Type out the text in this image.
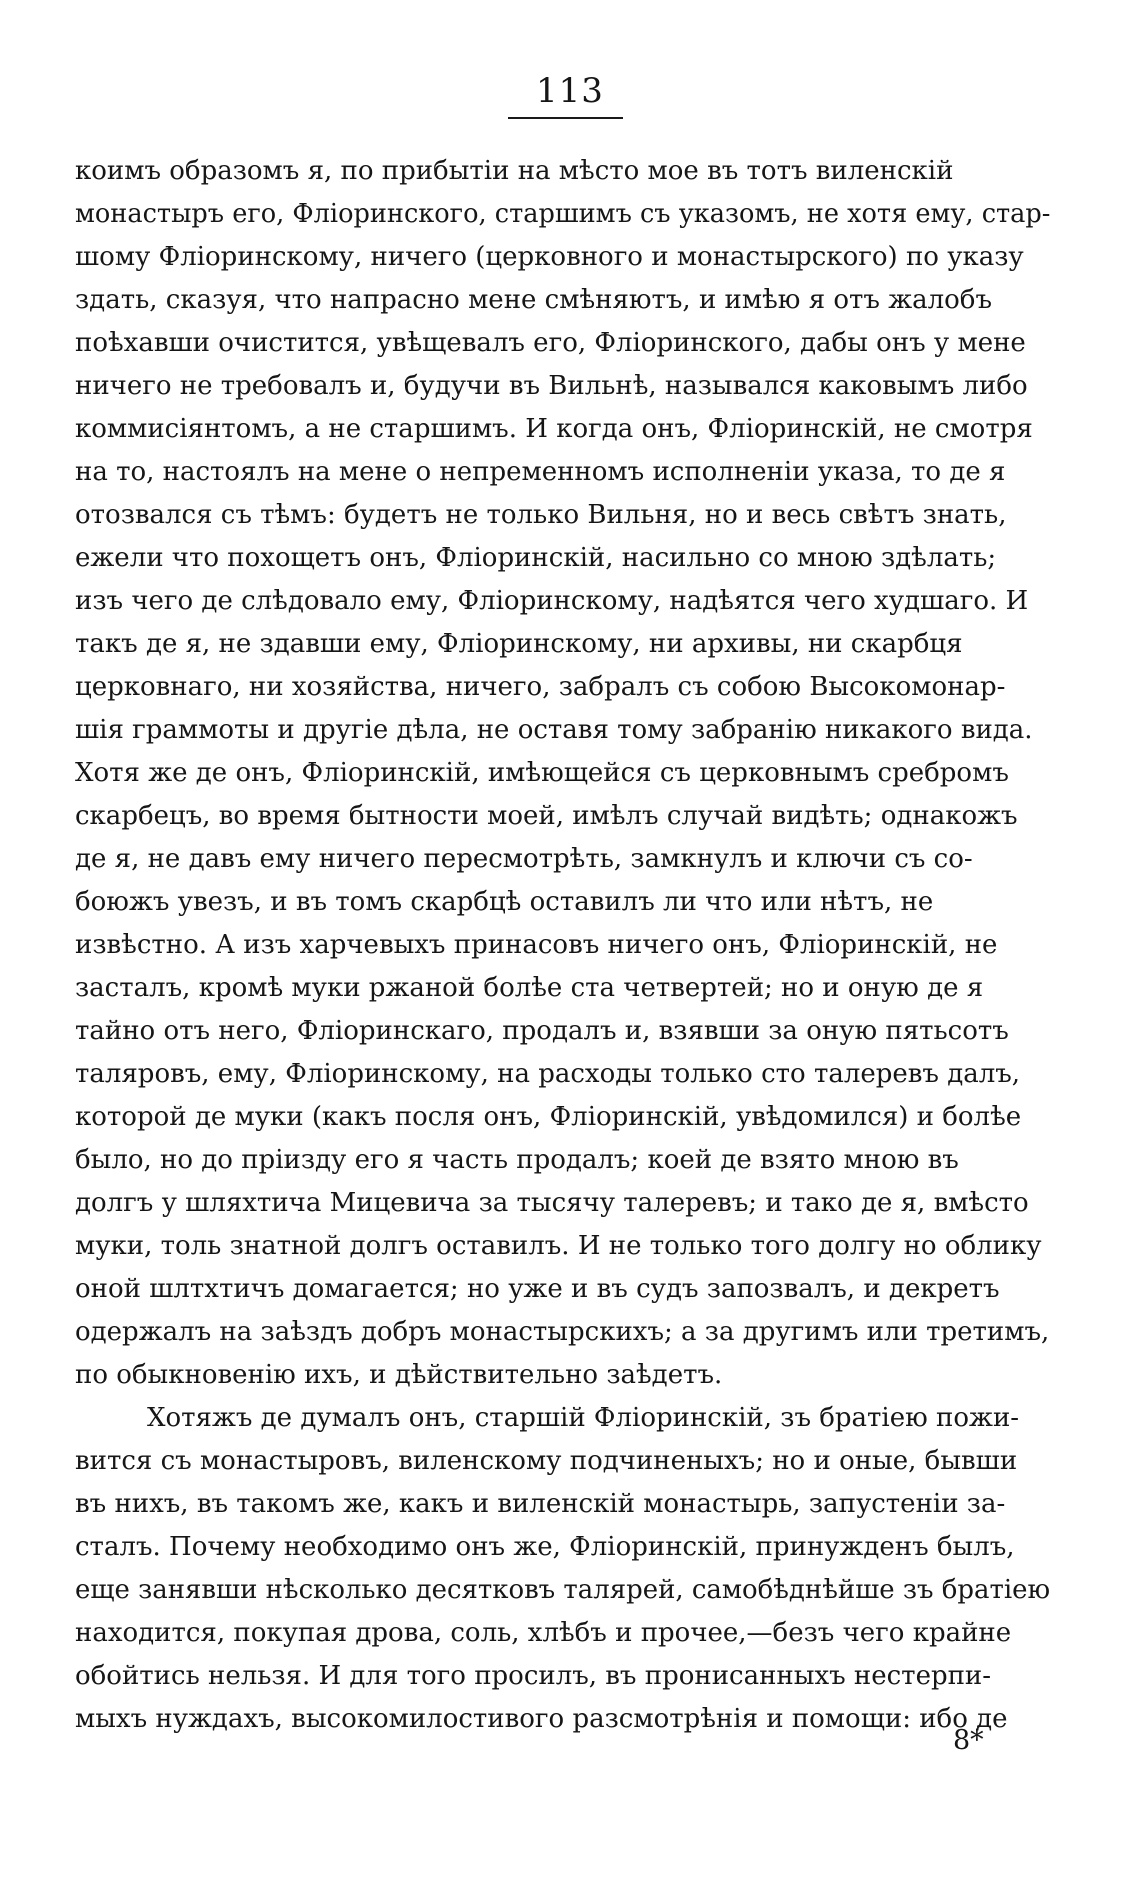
113
коимъ образомъ я, по прибытіи на мѣсто мое въ тотъ виленскій
монастыръ его, Фліоринского, старшимъ съ указомъ, не хотя ему, стар-
шому Фліоринскому, ничего (церковного и монастырского) по указу
здать, сказуя, что напрасно мене смѣняютъ, и имѣю я отъ жалобъ
поѣхавши очистится, увѣщевалъ его, Фліоринского, дабы онъ у мене
ничего не требовалъ и, будучи въ Вильнѣ, назывался каковымъ либо
коммисіянтомъ, а не старшимъ. И когда онъ, Фліоринскій, не смотря
на то, настоялъ на мене о непременномъ исполненіи указа, то де я
отозвался съ тѣмъ: будетъ не только Вильня, но и весь свѣтъ знать,
ежели что похощетъ онъ, Фліоринскій, насильно со мною здѣлать;
изъ чего де слѣдовало ему, Фліоринскому, надѣятся чего худшаго. И
такъ де я, не здавши ему, Фліоринскому, ни архивы, ни скарбця
церковнаго, ни хозяйства, ничего, забралъ съ собою Высокомонар-
шія граммоты и другіе дѣла, не оставя тому забранію никакого вида.
Хотя же де онъ, Фліоринскій, имѣющейся съ церковнымъ сребромъ
скарбецъ, во время бытности моей, имѣлъ случай видѣть; однакожъ
де я, не давъ ему ничего пересмотрѣть, замкнулъ и ключи съ со-
боюжъ увезъ, и въ томъ скарбцѣ оставилъ ли что или нѣтъ, не
извѣстно. А изъ харчевыхъ принасовъ ничего онъ, Фліоринскій, не
засталъ, кромѣ муки ржаной болѣе ста четвертей; но и оную де я
тайно отъ него, Фліоринскаго, продалъ и, взявши за оную пятьсотъ
таляровъ, ему, Фліоринскому, на расходы только сто талеревъ далъ,
которой де муки (какъ посля онъ, Фліоринскій, увѣдомился) и болѣе
было, но до пріизду его я часть продалъ; коей де взято мною въ
долгъ у шляхтича Мицевича за тысячу талеревъ; и тако де я, вмѣсто
муки, толь знатной долгъ оставилъ. И не только того долгу но облику
оной шлтхтичъ домагается; но уже и въ судъ запозвалъ, и декретъ
одержалъ на заѣздъ добръ монастырскихъ; а за другимъ или третимъ,
по обыкновенію ихъ, и дѣйствительно заѣдетъ.
Хотяжъ де думалъ онъ, старшій Фліоринскій, зъ братіею пожи-
вится съ монастыровъ, виленскому подчиненыхъ; но и оные, бывши
въ нихъ, въ такомъ же, какъ и виленскій монастырь, запустеніи за-
сталъ. Почему необходимо онъ же, Фліоринскій, принужденъ былъ,
еще занявши нѣсколько десятковъ талярей, самобѣднѣйше зъ братіею
находится, покупая дрова, соль, хлѣбъ и прочее,—безъ чего крайне
обойтись нельзя. И для того просилъ, въ пронисанныхъ нестерпи-
мыхъ нуждахъ, высокомилостивого разсмотрѣнія и помощи: ибо де
8*
